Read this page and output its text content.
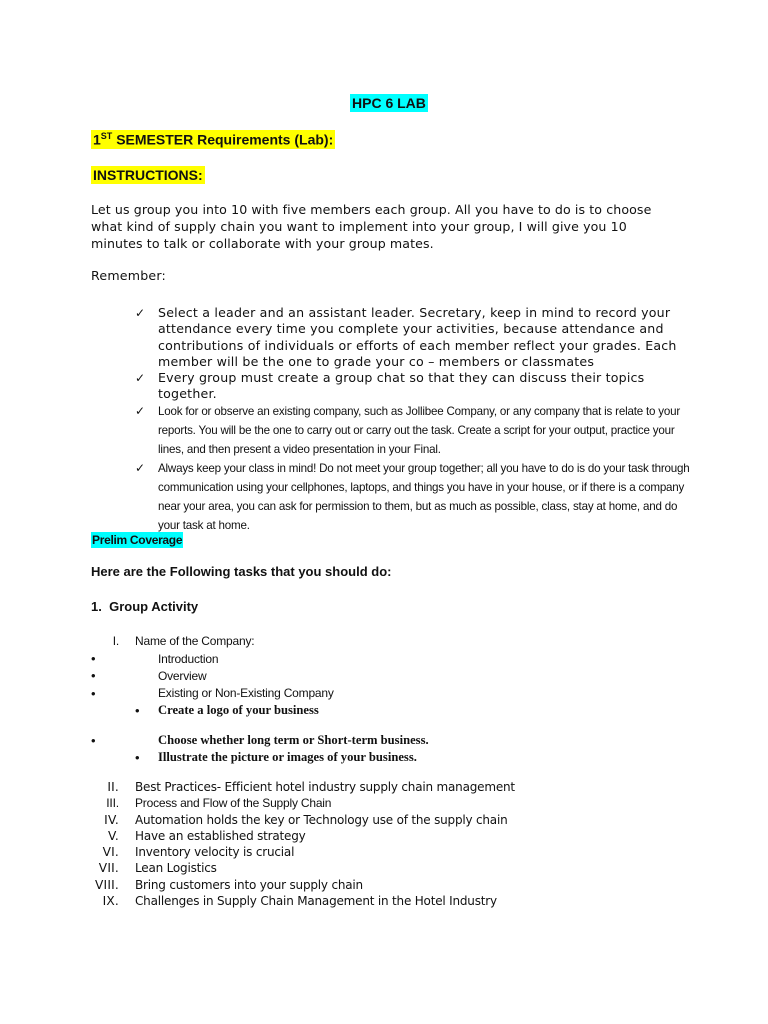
HPC 6 LAB
1ST SEMESTER Requirements (Lab):
INSTRUCTIONS:
Let us group you into 10 with five members each group. All you have to do is to choose what kind of supply chain you want to implement into your group, I will give you 10 minutes to talk or collaborate with your group mates.
Remember:
✓ Select a leader and an assistant leader. Secretary, keep in mind to record your attendance every time you complete your activities, because attendance and contributions of individuals or efforts of each member reflect your grades. Each member will be the one to grade your co – members or classmates
✓ Every group must create a group chat so that they can discuss their topics together.
✓ Look for or observe an existing company, such as Jollibee Company, or any company that is relate to your reports. You will be the one to carry out or carry out the task. Create a script for your output, practice your lines, and then present a video presentation in your Final.
✓ Always keep your class in mind! Do not meet your group together; all you have to do is do your task through communication using your cellphones, laptops, and things you have in your house, or if there is a company near your area, you can ask for permission to them, but as much as possible, class, stay at home, and do your task at home.
Prelim Coverage
Here are the Following tasks that you should do:
1. Group Activity
I. Name of the Company:
•	Introduction
•	Overview
•	Existing or Non-Existing Company
• Create a logo of your business
•	Choose whether long term or Short-term business.
• Illustrate the picture or images of your business.
II. Best Practices- Efficient hotel industry supply chain management
III. Process and Flow of the Supply Chain
IV. Automation holds the key or Technology use of the supply chain
V. Have an established strategy
VI. Inventory velocity is crucial
VII. Lean Logistics
VIII. Bring customers into your supply chain
IX. Challenges in Supply Chain Management in the Hotel Industry
